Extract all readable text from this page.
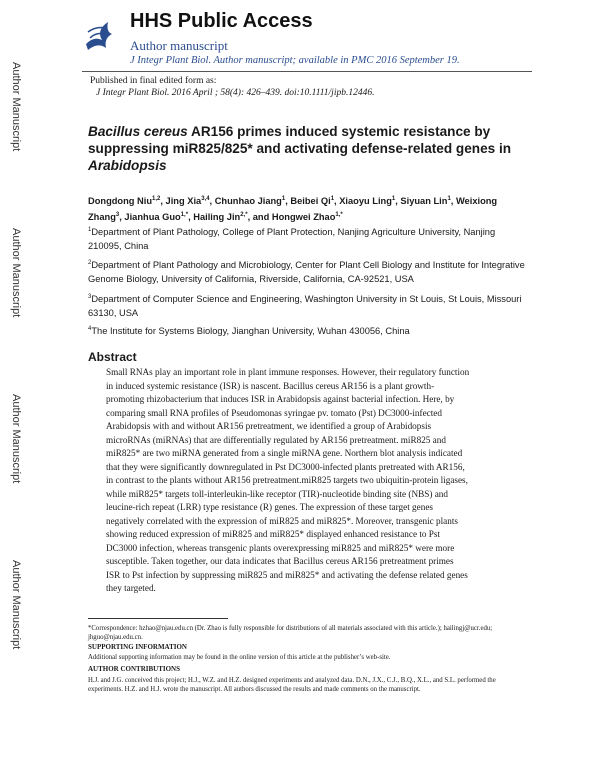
Author Manuscript
Author Manuscript
Author Manuscript
Author Manuscript
HHS Public Access
Author manuscript
J Integr Plant Biol. Author manuscript; available in PMC 2016 September 19.
Published in final edited form as:
J Integr Plant Biol. 2016 April ; 58(4): 426–439. doi:10.1111/jipb.12446.
Bacillus cereus AR156 primes induced systemic resistance by suppressing miR825/825* and activating defense-related genes in Arabidopsis
Dongdong Niu$^{1,2}$, Jing Xia$^{3,4}$, Chunhao Jiang$^1$, Beibei Qi$^1$, Xiaoyu Ling$^1$, Siyuan Lin$^1$, Weixiong Zhang$^3$, Jianhua Guo$^{1,*}$, Hailing Jin$^{2,*}$, and Hongwei Zhao$^{1,*}$
$^1$Department of Plant Pathology, College of Plant Protection, Nanjing Agriculture University, Nanjing 210095, China
$^2$Department of Plant Pathology and Microbiology, Center for Plant Cell Biology and Institute for Integrative Genome Biology, University of California, Riverside, California, CA-92521, USA
$^3$Department of Computer Science and Engineering, Washington University in St Louis, St Louis, Missouri 63130, USA
$^4$The Institute for Systems Biology, Jianghan University, Wuhan 430056, China
Abstract
Small RNAs play an important role in plant immune responses. However, their regulatory function
in induced systemic resistance (ISR) is nascent. Bacillus cereus AR156 is a plant growth-
promoting rhizobacterium that induces ISR in Arabidopsis against bacterial infection. Here, by
comparing small RNA profiles of Pseudomonas syringae pv. tomato (Pst) DC3000-infected
Arabidopsis with and without AR156 pretreatment, we identified a group of Arabidopsis
microRNAs (miRNAs) that are differentially regulated by AR156 pretreatment. miR825 and
miR825* are two miRNA generated from a single miRNA gene. Northern blot analysis indicated
that they were significantly downregulated in Pst DC3000-infected plants pretreated with AR156,
in contrast to the plants without AR156 pretreatment.miR825 targets two ubiquitin-protein ligases,
while miR825* targets toll-interleukin-like receptor (TIR)-nucleotide binding site (NBS) and
leucine-rich repeat (LRR) type resistance (R) genes. The expression of these target genes
negatively correlated with the expression of miR825 and miR825*. Moreover, transgenic plants
showing reduced expression of miR825 and miR825* displayed enhanced resistance to Pst
DC3000 infection, whereas transgenic plants overexpressing miR825 and miR825* were more
susceptible. Taken together, our data indicates that Bacillus cereus AR156 pretreatment primes
ISR to Pst infection by suppressing miR825 and miR825* and activating the defense related genes
they targeted.
*Correspondence: hzhao@njau.edu.cn (Dr. Zhao is fully responsible for distributions of all materials associated with this article.); hailingj@ucr.edu; jhguo@njau.edu.cn.
SUPPORTING INFORMATION
Additional supporting information may be found in the online version of this article at the publisher’s web-site.
AUTHOR CONTRIBUTIONS
H.J. and J.G. conceived this project; H.J., W.Z. and H.Z. designed experiments and analyzed data. D.N., J.X., C.J., B.Q., X.L., and S.L. performed the experiments. H.Z. and H.J. wrote the manuscript. All authors discussed the results and made comments on the manuscript.
